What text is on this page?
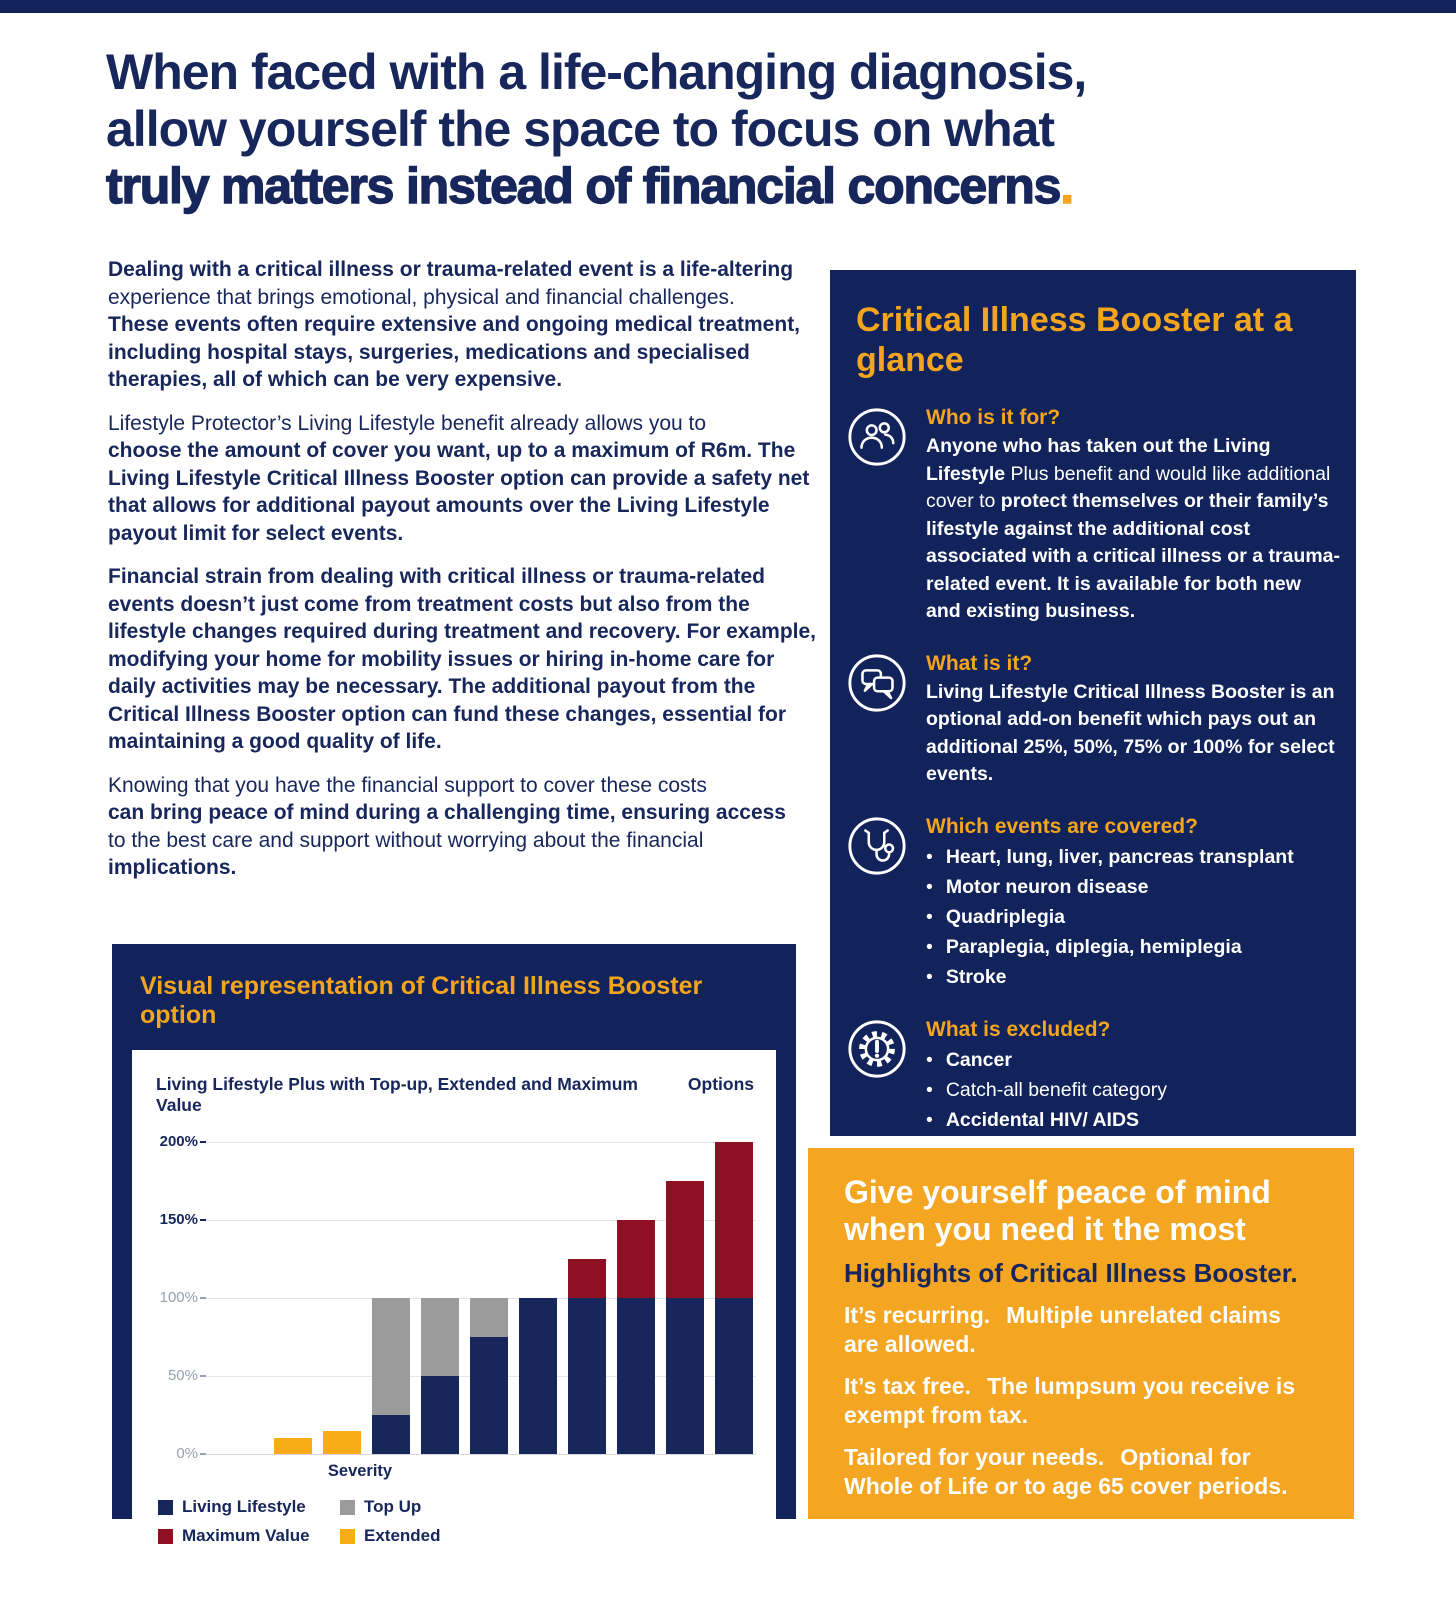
When faced with a life-changing diagnosis,
allow yourself the space to focus on what
truly matters instead of financial concerns.

Dealing with a critical illness or trauma-related event is a life-altering
experience that brings emotional, physical and financial challenges.
These events often require extensive and ongoing medical treatment, including hospital stays, surgeries, medications and specialised therapies, all of which can be very expensive.

Lifestyle Protector’s Living Lifestyle benefit already allows you to
choose the amount of cover you want, up to a maximum of R6m. The Living Lifestyle Critical Illness Booster option can provide a safety net that allows for additional payout amounts over the Living Lifestyle payout limit for select events.

Financial strain from dealing with critical illness or trauma-related events doesn’t just come from treatment costs but also from the lifestyle changes required during treatment and recovery. For example, modifying your home for mobility issues or hiring in-home care for daily activities may be necessary. The additional payout from the Critical Illness Booster option can fund these changes, essential for maintaining a good quality of life.

Knowing that you have the financial support to cover these costs
can bring peace of mind during a challenging time, ensuring access
to the best care and support without worrying about the financial
implications.

Critical Illness Booster at a glance
Who is it for?

Anyone who has taken out the Living Lifestyle Plus benefit and would like additional cover to protect themselves or their family’s lifestyle against the additional cost associated with a critical illness or a trauma-related event. It is available for both new and existing business.

What is it?

Living Lifestyle Critical Illness Booster is an optional add-on benefit which pays out an additional 25%, 50%, 75% or 100% for select events.

Which events are covered?
• Heart, lung, liver, pancreas transplant
• Motor neuron disease
• Quadriplegia
• Paraplegia, diplegia, hemiplegia
• Stroke
What is excluded?
• Cancer
• Catch-all benefit category
• Accidental HIV/ AIDS
Visual representation of Critical Illness Booster option
Living Lifestyle Plus with Top-up, Extended and Maximum Value
Options
200%
150%
100%
50%
0%
Severity
Living Lifestyle	Top Up
Maximum Value	Extended
Give yourself peace of mind when you need it the most
Highlights of Critical Illness Booster.

It’s recurring. Multiple unrelated claims are allowed.

It’s tax free. The lumpsum you receive is exempt from tax.

Tailored for your needs. Optional for Whole of Life or to age 65 cover periods.
